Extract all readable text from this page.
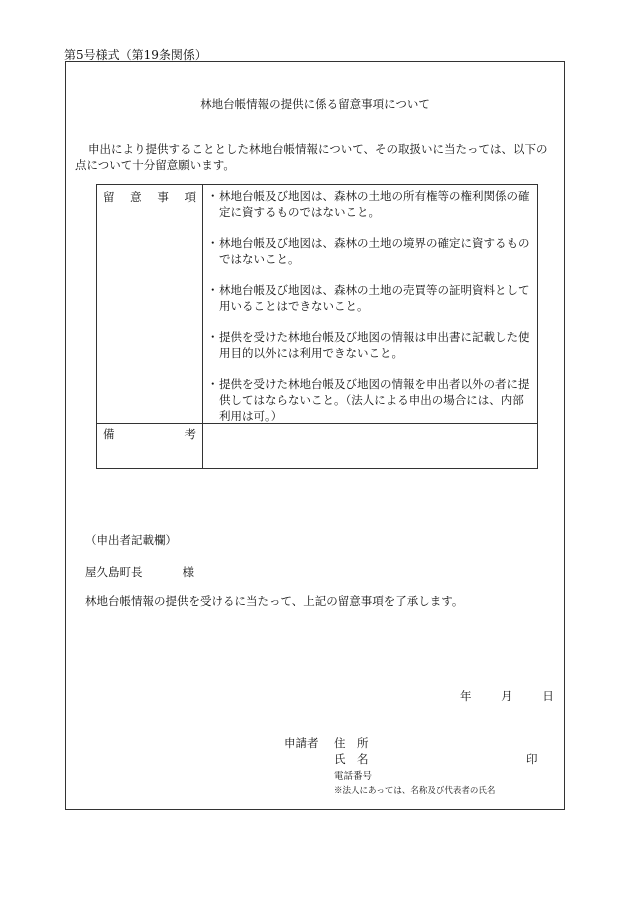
第5号様式（第19条関係）
林地台帳情報の提供に係る留意事項について
申出により提供することとした林地台帳情報について、その取扱いに当たっては、以下の点について十分留意願います。
留 意 事 項
・	林地台帳及び地図は、森林の土地の所有権等の権利関係の確定に資するものではないこと。
・ 林地台帳及び地図は、森林の土地の境界の確定に資するものではないこと。
・ 林地台帳及び地図は、森林の土地の売買等の証明資料として用いることはできないこと。
・ 提供を受けた林地台帳及び地図の情報は申出書に記載した使用目的以外には利用できないこと。
・ 提供を受けた林地台帳及び地図の情報を申出者以外の者に提供してはならないこと。（法人による申出の場合には、内部利用は可。）
備	考
（申出者記載欄）
屋久島町長	様
林地台帳情報の提供を受けるに当たって、上記の留意事項を了承します。
年	月	日
申請者 住　所
氏　名	印
電話番号
※法人にあっては、名称及び代表者の氏名
